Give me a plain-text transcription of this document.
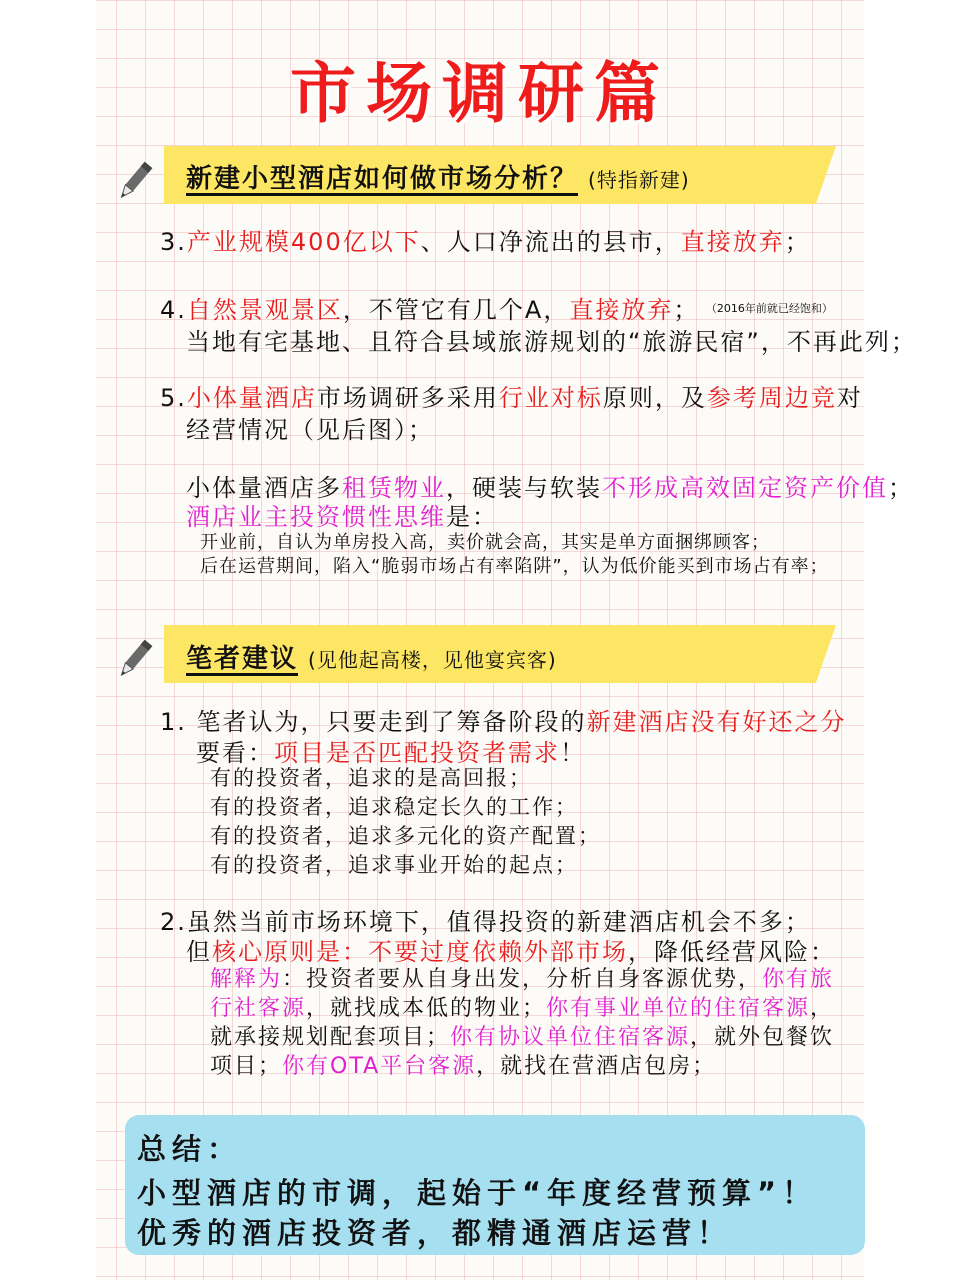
市场调研篇
新建小型酒店如何做市场分析？ (特指新建)
3.产业规模400亿以下、人口净流出的县市，直接放弃；
4.自然景观景区，不管它有几个A，直接放弃； $^{(2016年前就已经饱和)}$
当地有宅基地、且符合县域旅游规划的“旅游民宿”，不再此列；
5.小体量酒店市场调研多采用行业对标原则，及参考周边竞对
经营情况（见后图）；
小体量酒店多租赁物业，硬装与软装不形成高效固定资产价值；
酒店业主投资惯性思维是：
开业前，自认为单房投入高，卖价就会高，其实是单方面捆绑顾客；
后在运营期间，陷入“脆弱市场占有率陷阱”，认为低价能买到市场占有率；
笔者建议 (见他起高楼，见他宴宾客)
1. 笔者认为，只要走到了筹备阶段的新建酒店没有好还之分
要看：项目是否匹配投资者需求！
有的投资者，追求的是高回报；
有的投资者，追求稳定长久的工作；
有的投资者，追求多元化的资产配置；
有的投资者，追求事业开始的起点；
2.虽然当前市场环境下，值得投资的新建酒店机会不多；
但核心原则是：不要过度依赖外部市场，降低经营风险：
解释为：投资者要从自身出发，分析自身客源优势，你有旅
行社客源，就找成本低的物业；你有事业单位的住宿客源，
就承接规划配套项目；你有协议单位住宿客源，就外包餐饮
项目；你有OTA平台客源，就找在营酒店包房；
总结：
小型酒店的市调，起始于“年度经营预算”！
优秀的酒店投资者，都精通酒店运营！
